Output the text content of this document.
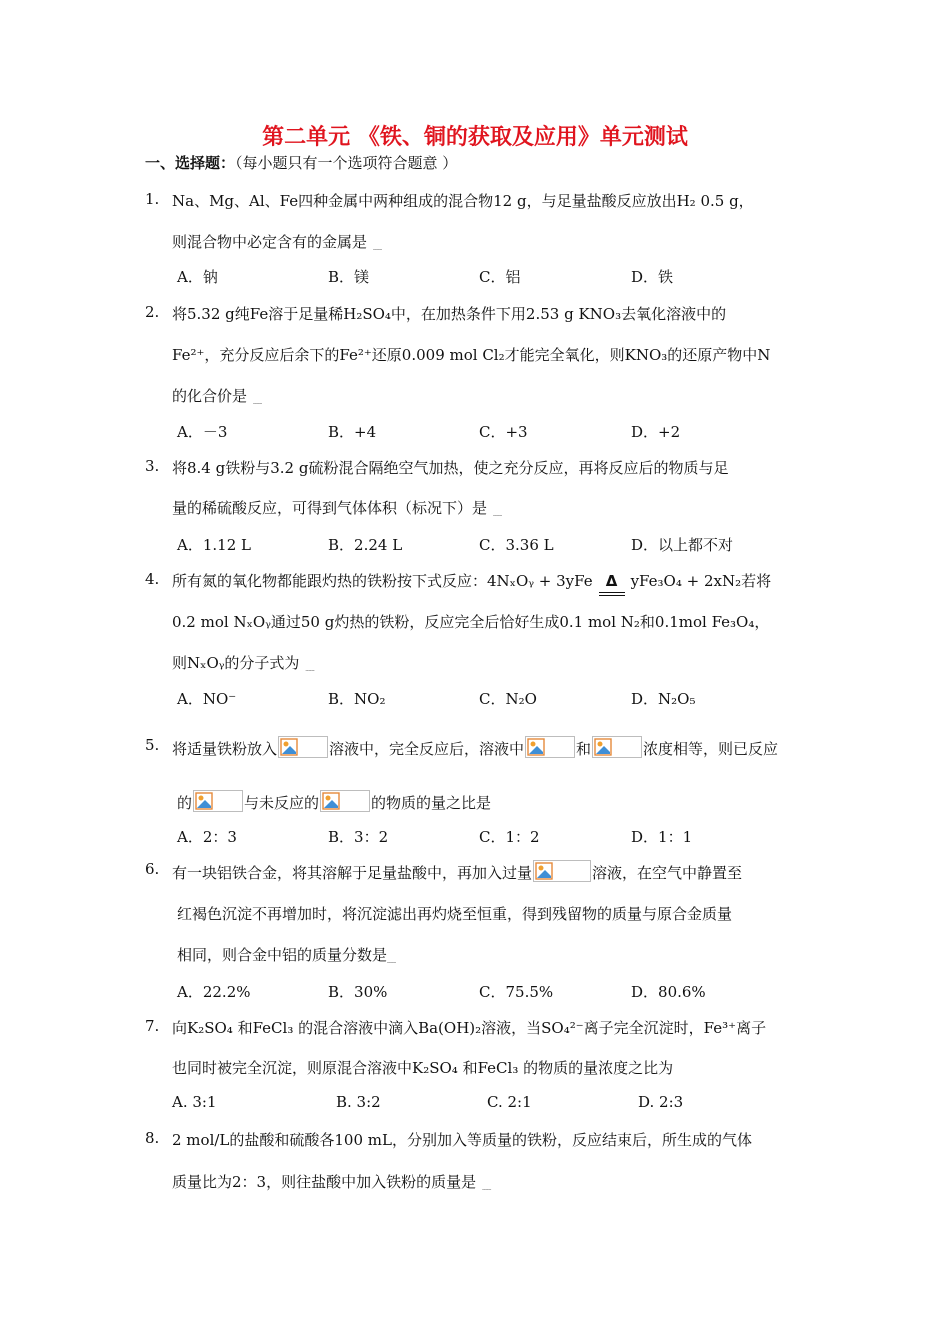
第二单元 《铁、铜的获取及应用》单元测试
一、选择题：（每小题只有一个选项符合题意 ）
1. Na、Mg、Al、Fe四种金属中两种组成的混合物12 g，与足量盐酸反应放出H₂ 0.5 g，
则混合物中必定含有的金属是 ﹏
A．钠	B．镁	C．铝	D．铁
2. 将5.32 g纯Fe溶于足量稀H₂SO₄中，在加热条件下用2.53 g KNO₃去氧化溶液中的
Fe²⁺，充分反应后余下的Fe²⁺还原0.009 mol Cl₂才能完全氧化，则KNO₃的还原产物中N
的化合价是 ﹏
A．－3	B．+4	C．+3	D．+2
3. 将8.4 g铁粉与3.2 g硫粉混合隔绝空气加热，使之充分反应，再将反应后的物质与足
量的稀硫酸反应，可得到气体体积（标况下）是 ﹏
A．1.12 L	B．2.24 L	C．3.36 L	D．以上都不对
4. 所有氮的氧化物都能跟灼热的铁粉按下式反应：4NₓOᵧ + 3yFe Δ yFe₃O₄ + 2xN₂若将
0.2 mol NₓOᵧ通过50 g灼热的铁粉，反应完全后恰好生成0.1 mol N₂和0.1mol Fe₃O₄，
则NₓOᵧ的分子式为 ﹏
A．NO⁻	B．NO₂	C．N₂O	D．N₂O₅
5. 将适量铁粉放入	溶液中，完全反应后，溶液中	和	浓度相等，则已反应
的	与未反应的	的物质的量之比是
A．2：3	B．3：2	C．1：2	D．1：1
6. 有一块铝铁合金，将其溶解于足量盐酸中，再加入过量	溶液，在空气中静置至
红褐色沉淀不再增加时，将沉淀滤出再灼烧至恒重，得到残留物的质量与原合金质量
相同，则合金中铝的质量分数是﹏
A．22.2%	B．30%	C．75.5%	D．80.6%
7. 向K₂SO₄ 和FeCl₃ 的混合溶液中滴入Ba(OH)₂溶液，当SO₄²⁻离子完全沉淀时，Fe³⁺离子
也同时被完全沉淀，则原混合溶液中K₂SO₄ 和FeCl₃ 的物质的量浓度之比为
A. 3:1	B. 3:2	C. 2:1	D. 2:3
8. 2 mol/L的盐酸和硫酸各100 mL，分别加入等质量的铁粉，反应结束后，所生成的气体
质量比为2：3，则往盐酸中加入铁粉的质量是 ﹏
